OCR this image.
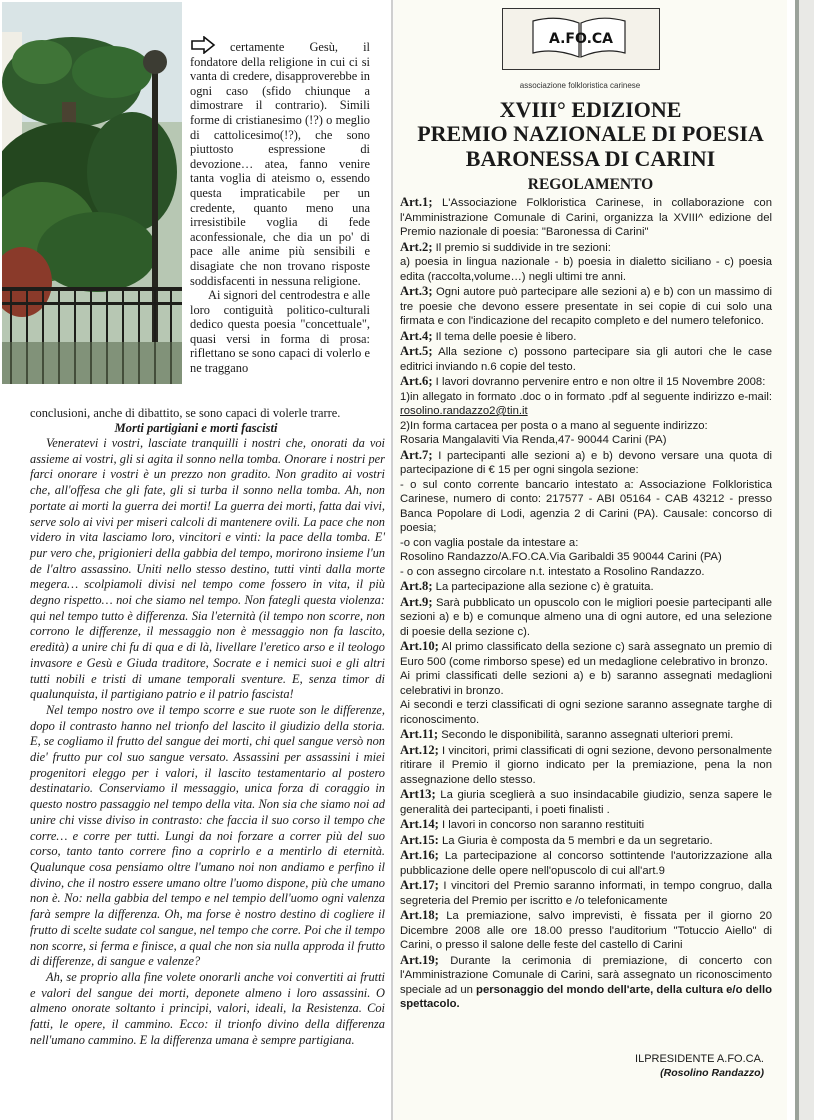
certamente Gesù, il fondatore della religione in cui ci si vanta di credere, disapproverebbe in ogni caso (sfido chiunque a dimostrare il contrario). Simili forme di cristianesimo (!?) o meglio di cattolicesimo(!?), che sono piuttosto espressione di devozione… atea, fanno venire tanta voglia di ateismo o, essendo questa impraticabile per un credente, quanto meno una irresistibile voglia di fede aconfessionale, che dia un po' di pace alle anime più sensibili e disagiate che non trovano risposte soddisfacenti in nessuna religione.

Ai signori del centrodestra e alle loro contiguità politico-culturali dedico questa poesia "concettuale", quasi versi in forma di prosa: riflettano se sono capaci di volerlo e ne traggano

conclusioni, anche di dibattito, se sono capaci di volerle trarre.

Morti partigiani e morti fascisti

Veneratevi i vostri, lasciate tranquilli i nostri che, onorati da voi assieme ai vostri, gli si agita il sonno nella tomba. Onorare i nostri per farci onorare i vostri è un prezzo non gradito. Non gradito ai vostri che, all'offesa che gli fate, gli si turba il sonno nella tomba. Ah, non portate ai morti la guerra dei morti! La guerra dei morti, fatta dai vivi, serve solo ai vivi per miseri calcoli di mantenere ovili. La pace che non videro in vita lasciamo loro, vincitori e vinti: la pace della tomba. E' pur vero che, prigionieri della gabbia del tempo, morirono insieme l'un de l'altro assassino. Uniti nello stesso destino, tutti vinti dalla morte megera… scolpiamoli divisi nel tempo come fossero in vita, il più degno rispetto… noi che siamo nel tempo. Non fategli questa violenza: qui nel tempo tutto è differenza. Sia l'eternità (il tempo non scorre, non corrono le differenze, il messaggio non è messaggio non fa lascito, eredità) a unire chi fu di qua e di là, livellare l'eretico arso e il teologo invasore e Gesù e Giuda traditore, Socrate e i nemici suoi e gli altri tutti nobili e tristi di umane temporali sventure. E, senza timor di qualunquista, il partigiano patrio e il patrio fascista!

Nel tempo nostro ove il tempo scorre e sue ruote son le differenze, dopo il contrasto hanno nel trionfo del lascito il giudizio della storia. E, se cogliamo il frutto del sangue dei morti, chi quel sangue versò non die' frutto pur col suo sangue versato. Assassini per assassini i miei progenitori eleggo per i valori, il lascito testamentario al postero destinatario. Conserviamo il messaggio, unica forza di coraggio in questo nostro passaggio nel tempo della vita. Non sia che siamo noi ad unire chi visse diviso in contrasto: che faccia il suo corso il tempo che corre… e corre per tutti. Lungi da noi forzare a correr più del suo corso, tanto tanto correre fino a coprirlo e a mentirlo di eternità. Qualunque cosa pensiamo oltre l'umano noi non andiamo e perfino il divino, che il nostro essere umano oltre l'uomo dispone, più che umano non è. No: nella gabbia del tempo e nel tempio dell'uomo ogni valenza farà sempre la differenza. Oh, ma forse è nostro destino di cogliere il frutto di scelte sudate col sangue, nel tempo che corre. Poi che il tempo non scorre, si ferma e finisce, a qual che non sia nulla approda il frutto di differenze, di sangue e valenze?

Ah, se proprio alla fine volete onorarli anche voi convertiti ai frutti e valori del sangue dei morti, deponete almeno i loro assassini. O almeno onorate soltanto i principi, valori, ideali, la Resistenza. Coi fatti, le opere, il cammino. Ecco: il trionfo divino della differenza nell'umano cammino. E la differenza umana è sempre partigiana.

A.FO.CA
associazione folkloristica carinese
XVIII° EDIZIONE
PREMIO NAZIONALE DI POESIA
BARONESSA DI CARINI
REGOLAMENTO

Art.1; L'Associazione Folkloristica Carinese, in collaborazione con l'Amministrazione Comunale di Carini, organizza la XVIII^ edizione del Premio nazionale di poesia: "Baronessa di Carini"

Art.2; Il premio si suddivide in tre sezioni:

a) poesia in lingua nazionale - b) poesia in dialetto siciliano - c) poesia edita (raccolta,volume…) negli ultimi tre anni.

Art.3; Ogni autore può partecipare alle sezioni a) e b) con un massimo di tre poesie che devono essere presentate in sei copie di cui solo una firmata e con l'indicazione del recapito completo e del numero telefonico.

Art.4; Il tema delle poesie è libero.

Art.5; Alla sezione c) possono partecipare sia gli autori che le case editrici inviando n.6 copie del testo.

Art.6; I lavori dovranno pervenire entro e non oltre il 15 Novembre 2008:

1)in allegato in formato .doc o in formato .pdf al seguente indirizzo e-mail: rosolino.randazzo2@tin.it

2)In forma cartacea per posta o a mano al seguente indirizzo:

Rosaria Mangalaviti Via Renda,47- 90044 Carini (PA)

Art.7; I partecipanti alle sezioni a) e b) devono versare una quota di partecipazione di € 15 per ogni singola sezione:

- o sul conto corrente bancario intestato a: Associazione Folkloristica Carinese, numero di conto: 217577 - ABI 05164 - CAB 43212 - presso Banca Popolare di Lodi, agenzia 2 di Carini (PA). Causale: concorso di poesia;

-o con vaglia postale da intestare a:

Rosolino Randazzo/A.FO.CA.Via Garibaldi 35 90044 Carini (PA)

- o con assegno circolare n.t. intestato a Rosolino Randazzo.

Art.8; La partecipazione alla sezione c) è gratuita.

Art.9; Sarà pubblicato un opuscolo con le migliori poesie partecipanti alle sezioni a) e b) e comunque almeno una di ogni autore, ed una selezione di poesie della sezione c).

Art.10; Al primo classificato della sezione c) sarà assegnato un premio di Euro 500 (come rimborso spese) ed un medaglione celebrativo in bronzo.

Ai primi classificati delle sezioni a) e b) saranno assegnati medaglioni celebrativi in bronzo.

Ai secondi e terzi classificati di ogni sezione saranno assegnate targhe di riconoscimento.

Art.11; Secondo le disponibilità, saranno assegnati ulteriori premi.

Art.12; I vincitori, primi classificati di ogni sezione, devono personalmente ritirare il Premio il giorno indicato per la premiazione, pena la non assegnazione dello stesso.

Art13; La giuria sceglierà a suo insindacabile giudizio, senza sapere le generalità dei partecipanti, i poeti finalisti .

Art.14; I lavori in concorso non saranno restituiti

Art.15: La Giuria è composta da 5 membri e da un segretario.

Art.16; La partecipazione al concorso sottintende l'autorizzazione alla pubblicazione delle opere nell'opuscolo di cui all'art.9

Art.17; I vincitori del Premio saranno informati, in tempo congruo, dalla segreteria del Premio per iscritto e /o telefonicamente

Art.18; La premiazione, salvo imprevisti, è fissata per il giorno 20 Dicembre 2008 alle ore 18.00 presso l'auditorium "Totuccio Aiello" di Carini, o presso il salone delle feste del castello di Carini

Art.19; Durante la cerimonia di premiazione, di concerto con l'Amministrazione Comunale di Carini, sarà assegnato un riconoscimento speciale ad un personaggio del mondo dell'arte, della cultura e/o dello spettacolo.

ILPRESIDENTE A.FO.CA.
(Rosolino Randazzo)
